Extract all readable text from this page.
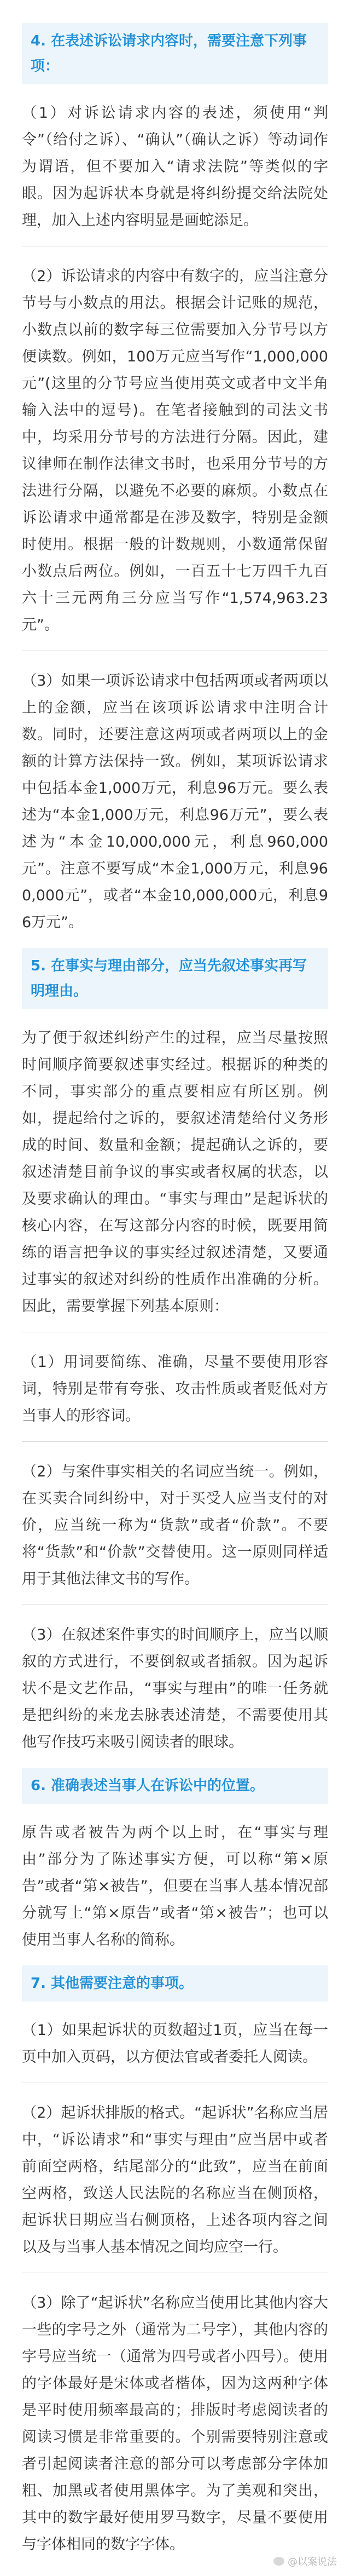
4. 在表述诉讼请求内容时，需要注意下列事项：

（1）对诉讼请求内容的表述，须使用“判令”（给付之诉）、“确认”（确认之诉）等动词作为谓语，但不要加入“请求法院”等类似的字眼。因为起诉状本身就是将纠纷提交给法院处理，加入上述内容明显是画蛇添足。

（2）诉讼请求的内容中有数字的，应当注意分节号与小数点的用法。根据会计记账的规范，小数点以前的数字每三位需要加入分节号以方便读数。例如，100万元应当写作“1,000,000元”(这里的分节号应当使用英文或者中文半角输入法中的逗号)。在笔者接触到的司法文书中，均采用分节号的方法进行分隔。因此，建议律师在制作法律文书时，也采用分节号的方法进行分隔，以避免不必要的麻烦。小数点在诉讼请求中通常都是在涉及数字，特别是金额时使用。根据一般的计数规则，小数通常保留小数点后两位。例如，一百五十七万四千九百六十三元两角三分应当写作“1,574,963.23元”。

（3）如果一项诉讼请求中包括两项或者两项以上的金额，应当在该项诉讼请求中注明合计数。同时，还要注意这两项或者两项以上的金额的计算方法保持一致。例如，某项诉讼请求中包括本金1,000万元，利息96万元。要么表述为“本金1,000万元，利息96万元”，要么表述为“本金10,000,000元，利息960,000元”。注意不要写成“本金1,000万元，利息960,000元”，或者“本金10,000,000元，利息96万元”。

5. 在事实与理由部分，应当先叙述事实再写明理由。

为了便于叙述纠纷产生的过程，应当尽量按照时间顺序简要叙述事实经过。根据诉的种类的不同，事实部分的重点要相应有所区别。例如，提起给付之诉的，要叙述清楚给付义务形成的时间、数量和金额；提起确认之诉的，要叙述清楚目前争议的事实或者权属的状态，以及要求确认的理由。“事实与理由”是起诉状的核心内容，在写这部分内容的时候，既要用简练的语言把争议的事实经过叙述清楚，又要通过事实的叙述对纠纷的性质作出准确的分析。因此，需要掌握下列基本原则：

（1）用词要简练、准确，尽量不要使用形容词，特别是带有夸张、攻击性质或者贬低对方当事人的形容词。

（2）与案件事实相关的名词应当统一。例如，在买卖合同纠纷中，对于买受人应当支付的对价，应当统一称为“货款”或者“价款”。不要将“货款”和“价款”交替使用。这一原则同样适用于其他法律文书的写作。

（3）在叙述案件事实的时间顺序上，应当以顺叙的方式进行，不要倒叙或者插叙。因为起诉状不是文艺作品，“事实与理由”的唯一任务就是把纠纷的来龙去脉表述清楚，不需要使用其他写作技巧来吸引阅读者的眼球。

6. 准确表述当事人在诉讼中的位置。

原告或者被告为两个以上时，在“事实与理由”部分为了陈述事实方便，可以称“第×原告”或者“第×被告”，但要在当事人基本情况部分就写上“第×原告”或者“第×被告”；也可以使用当事人名称的简称。

7. 其他需要注意的事项。

（1）如果起诉状的页数超过1页，应当在每一页中加入页码，以方便法官或者委托人阅读。

（2）起诉状排版的格式。“起诉状”名称应当居中，“诉讼请求”和“事实与理由”应当居中或者前面空两格，结尾部分的“此致”，应当在前面空两格，致送人民法院的名称应当在侧顶格，起诉状日期应当右侧顶格，上述各项内容之间以及与当事人基本情况之间均应空一行。

（3）除了“起诉状”名称应当使用比其他内容大一些的字号之外（通常为二号字），其他内容的字号应当统一（通常为四号或者小四号）。使用的字体最好是宋体或者楷体，因为这两种字体是平时使用频率最高的；排版时考虑阅读者的阅读习惯是非常重要的。个别需要特别注意或者引起阅读者注意的部分可以考虑部分字体加粗、加黑或者使用黑体字。为了美观和突出，其中的数字最好使用罗马数字，尽量不要使用与字体相同的数字字体。

@以案说法
